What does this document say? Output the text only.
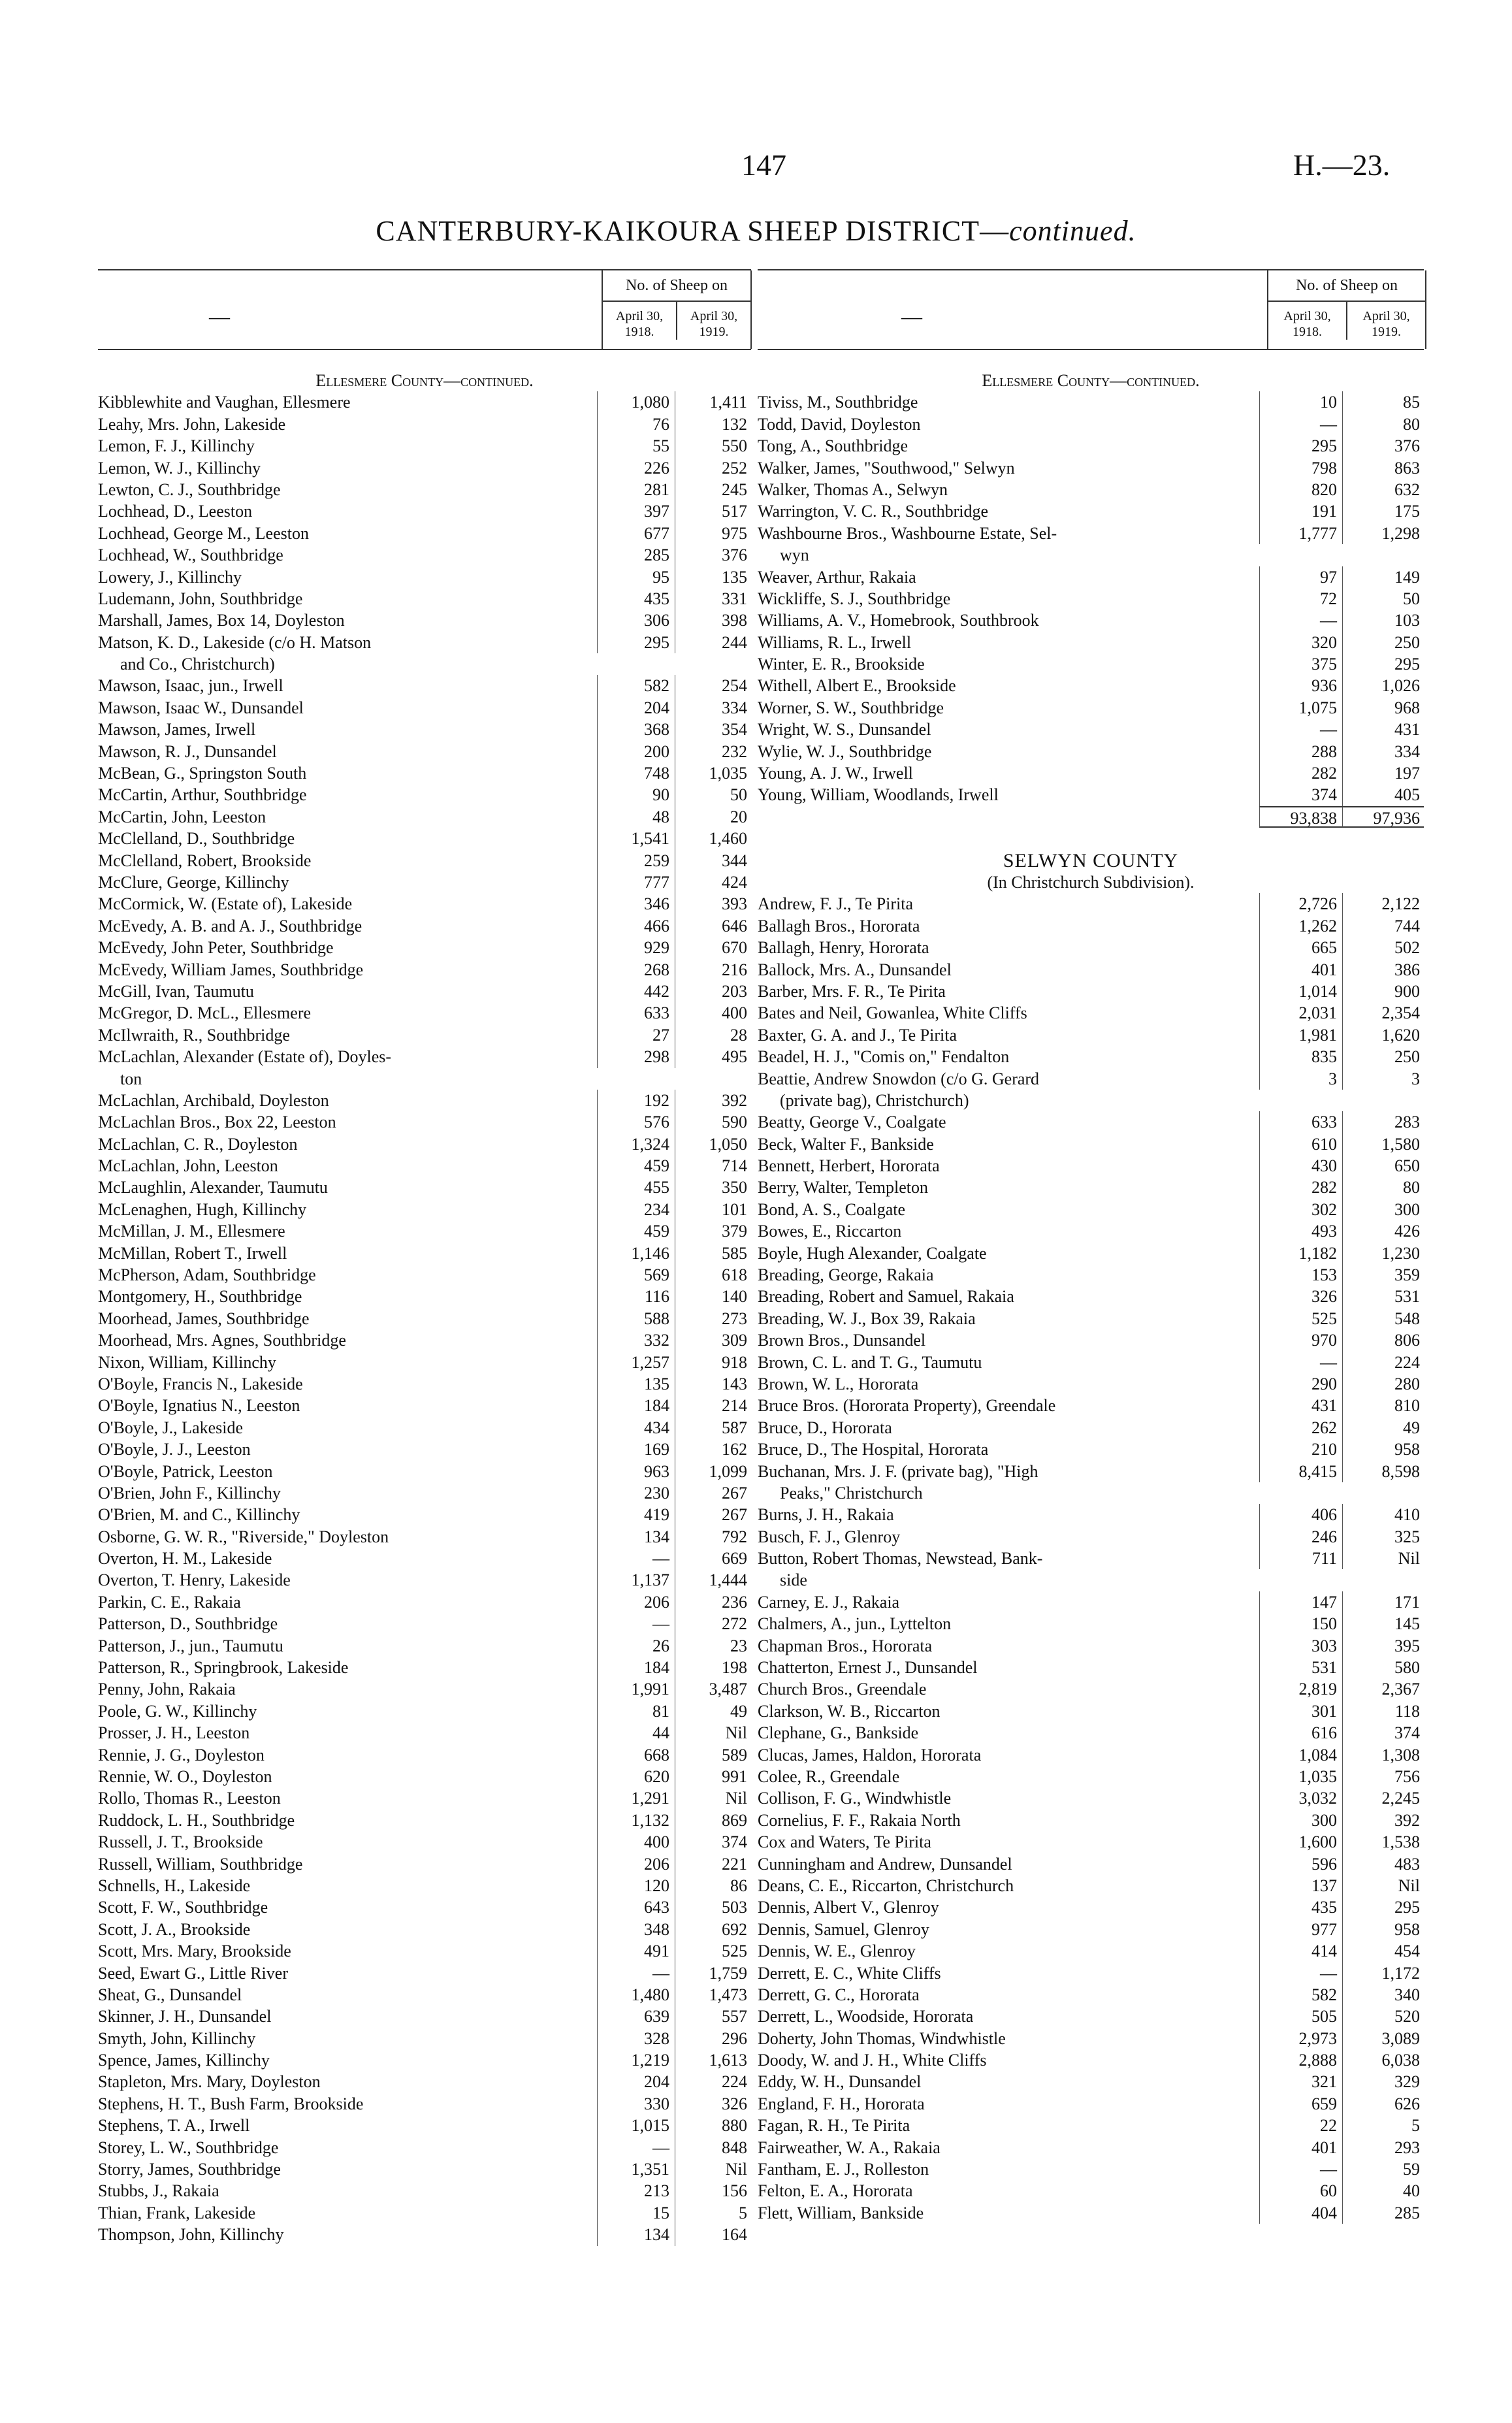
147	H.—23.
CANTERBURY-KAIKOURA SHEEP DISTRICT—continued.
—
No. of Sheep on
April 30, 1918.
April 30, 1919.
Ellesmere County—continued.
Kibblewhite and Vaughan, Ellesmere	1,080	1,411
Leahy, Mrs. John, Lakeside	76	132
Lemon, F. J., Killinchy	55	550
Lemon, W. J., Killinchy	226	252
Lewton, C. J., Southbridge	281	245
Lochhead, D., Leeston	397	517
Lochhead, George M., Leeston	677	975
Lochhead, W., Southbridge	285	376
Lowery, J., Killinchy	95	135
Ludemann, John, Southbridge	435	331
Marshall, James, Box 14, Doyleston	306	398
Matson, K. D., Lakeside (c/o H. Matson	295	244
and Co., Christchurch)
Mawson, Isaac, jun., Irwell	582	254
Mawson, Isaac W., Dunsandel	204	334
Mawson, James, Irwell	368	354
Mawson, R. J., Dunsandel	200	232
McBean, G., Springston South	748	1,035
McCartin, Arthur, Southbridge	90	50
McCartin, John, Leeston	48	20
McClelland, D., Southbridge	1,541	1,460
McClelland, Robert, Brookside	259	344
McClure, George, Killinchy	777	424
McCormick, W. (Estate of), Lakeside	346	393
McEvedy, A. B. and A. J., Southbridge	466	646
McEvedy, John Peter, Southbridge	929	670
McEvedy, William James, Southbridge	268	216
McGill, Ivan, Taumutu	442	203
McGregor, D. McL., Ellesmere	633	400
McIlwraith, R., Southbridge	27	28
McLachlan, Alexander (Estate of), Doyles-	298	495
ton
McLachlan, Archibald, Doyleston	192	392
McLachlan Bros., Box 22, Leeston	576	590
McLachlan, C. R., Doyleston	1,324	1,050
McLachlan, John, Leeston	459	714
McLaughlin, Alexander, Taumutu	455	350
McLenaghen, Hugh, Killinchy	234	101
McMillan, J. M., Ellesmere	459	379
McMillan, Robert T., Irwell	1,146	585
McPherson, Adam, Southbridge	569	618
Montgomery, H., Southbridge	116	140
Moorhead, James, Southbridge	588	273
Moorhead, Mrs. Agnes, Southbridge	332	309
Nixon, William, Killinchy	1,257	918
O'Boyle, Francis N., Lakeside	135	143
O'Boyle, Ignatius N., Leeston	184	214
O'Boyle, J., Lakeside	434	587
O'Boyle, J. J., Leeston	169	162
O'Boyle, Patrick, Leeston	963	1,099
O'Brien, John F., Killinchy	230	267
O'Brien, M. and C., Killinchy	419	267
Osborne, G. W. R., "Riverside," Doyleston	134	792
Overton, H. M., Lakeside	—	669
Overton, T. Henry, Lakeside	1,137	1,444
Parkin, C. E., Rakaia	206	236
Patterson, D., Southbridge	—	272
Patterson, J., jun., Taumutu	26	23
Patterson, R., Springbrook, Lakeside	184	198
Penny, John, Rakaia	1,991	3,487
Poole, G. W., Killinchy	81	49
Prosser, J. H., Leeston	44	Nil
Rennie, J. G., Doyleston	668	589
Rennie, W. O., Doyleston	620	991
Rollo, Thomas R., Leeston	1,291	Nil
Ruddock, L. H., Southbridge	1,132	869
Russell, J. T., Brookside	400	374
Russell, William, Southbridge	206	221
Schnells, H., Lakeside	120	86
Scott, F. W., Southbridge	643	503
Scott, J. A., Brookside	348	692
Scott, Mrs. Mary, Brookside	491	525
Seed, Ewart G., Little River	—	1,759
Sheat, G., Dunsandel	1,480	1,473
Skinner, J. H., Dunsandel	639	557
Smyth, John, Killinchy	328	296
Spence, James, Killinchy	1,219	1,613
Stapleton, Mrs. Mary, Doyleston	204	224
Stephens, H. T., Bush Farm, Brookside	330	326
Stephens, T. A., Irwell	1,015	880
Storey, L. W., Southbridge	—	848
Storry, James, Southbridge	1,351	Nil
Stubbs, J., Rakaia	213	156
Thian, Frank, Lakeside	15	5
Thompson, John, Killinchy	134	164
—
No. of Sheep on
April 30, 1918.
April 30, 1919.
Ellesmere County—continued.
Tiviss, M., Southbridge	10	85
Todd, David, Doyleston	—	80
Tong, A., Southbridge	295	376
Walker, James, "Southwood," Selwyn	798	863
Walker, Thomas A., Selwyn	820	632
Warrington, V. C. R., Southbridge	191	175
Washbourne Bros., Washbourne Estate, Sel-	1,777	1,298
wyn
Weaver, Arthur, Rakaia	97	149
Wickliffe, S. J., Southbridge	72	50
Williams, A. V., Homebrook, Southbrook	—	103
Williams, R. L., Irwell	320	250
Winter, E. R., Brookside	375	295
Withell, Albert E., Brookside	936	1,026
Worner, S. W., Southbridge	1,075	968
Wright, W. S., Dunsandel	—	431
Wylie, W. J., Southbridge	288	334
Young, A. J. W., Irwell	282	197
Young, William, Woodlands, Irwell	374	405
93,838	97,936
SELWYN COUNTY
(In Christchurch Subdivision).
Andrew, F. J., Te Pirita	2,726	2,122
Ballagh Bros., Hororata	1,262	744
Ballagh, Henry, Hororata	665	502
Ballock, Mrs. A., Dunsandel	401	386
Barber, Mrs. F. R., Te Pirita	1,014	900
Bates and Neil, Gowanlea, White Cliffs	2,031	2,354
Baxter, G. A. and J., Te Pirita	1,981	1,620
Beadel, H. J., "Comis on," Fendalton	835	250
Beattie, Andrew Snowdon (c/o G. Gerard	3	3
(private bag), Christchurch)
Beatty, George V., Coalgate	633	283
Beck, Walter F., Bankside	610	1,580
Bennett, Herbert, Hororata	430	650
Berry, Walter, Templeton	282	80
Bond, A. S., Coalgate	302	300
Bowes, E., Riccarton	493	426
Boyle, Hugh Alexander, Coalgate	1,182	1,230
Breading, George, Rakaia	153	359
Breading, Robert and Samuel, Rakaia	326	531
Breading, W. J., Box 39, Rakaia	525	548
Brown Bros., Dunsandel	970	806
Brown, C. L. and T. G., Taumutu	—	224
Brown, W. L., Hororata	290	280
Bruce Bros. (Hororata Property), Greendale	431	810
Bruce, D., Hororata	262	49
Bruce, D., The Hospital, Hororata	210	958
Buchanan, Mrs. J. F. (private bag), "High	8,415	8,598
Peaks," Christchurch
Burns, J. H., Rakaia	406	410
Busch, F. J., Glenroy	246	325
Button, Robert Thomas, Newstead, Bank-	711	Nil
side
Carney, E. J., Rakaia	147	171
Chalmers, A., jun., Lyttelton	150	145
Chapman Bros., Hororata	303	395
Chatterton, Ernest J., Dunsandel	531	580
Church Bros., Greendale	2,819	2,367
Clarkson, W. B., Riccarton	301	118
Clephane, G., Bankside	616	374
Clucas, James, Haldon, Hororata	1,084	1,308
Colee, R., Greendale	1,035	756
Collison, F. G., Windwhistle	3,032	2,245
Cornelius, F. F., Rakaia North	300	392
Cox and Waters, Te Pirita	1,600	1,538
Cunningham and Andrew, Dunsandel	596	483
Deans, C. E., Riccarton, Christchurch	137	Nil
Dennis, Albert V., Glenroy	435	295
Dennis, Samuel, Glenroy	977	958
Dennis, W. E., Glenroy	414	454
Derrett, E. C., White Cliffs	—	1,172
Derrett, G. C., Hororata	582	340
Derrett, L., Woodside, Hororata	505	520
Doherty, John Thomas, Windwhistle	2,973	3,089
Doody, W. and J. H., White Cliffs	2,888	6,038
Eddy, W. H., Dunsandel	321	329
England, F. H., Hororata	659	626
Fagan, R. H., Te Pirita	22	5
Fairweather, W. A., Rakaia	401	293
Fantham, E. J., Rolleston	—	59
Felton, E. A., Hororata	60	40
Flett, William, Bankside	404	285
